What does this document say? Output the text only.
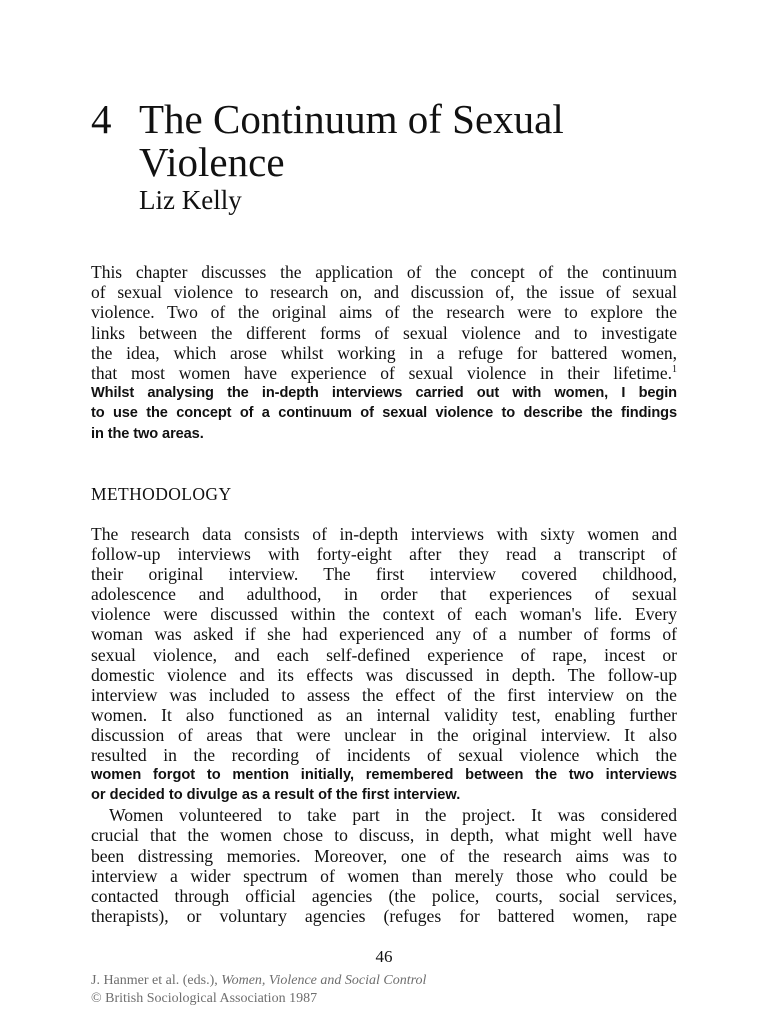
4 The Continuum of Sexual
Violence

Liz Kelly

This chapter discusses the application of the concept of the continuum
of sexual violence to research on, and discussion of, the issue of sexual
violence. Two of the original aims of the research were to explore the
links between the different forms of sexual violence and to investigate
the idea, which arose whilst working in a refuge for battered women,
that most women have experience of sexual violence in their lifetime.$^1$
Whilst analysing the in-depth interviews carried out with women, I begin
to use the concept of a continuum of sexual violence to describe the findings
in the two areas.
METHODOLOGY
The research data consists of in-depth interviews with sixty women and
follow-up interviews with forty-eight after they read a transcript of
their original interview. The first interview covered childhood,
adolescence and adulthood, in order that experiences of sexual
violence were discussed within the context of each woman's life. Every
woman was asked if she had experienced any of a number of forms of
sexual violence, and each self-defined experience of rape, incest or
domestic violence and its effects was discussed in depth. The follow-up
interview was included to assess the effect of the first interview on the
women. It also functioned as an internal validity test, enabling further
discussion of areas that were unclear in the original interview. It also
resulted in the recording of incidents of sexual violence which the
women forgot to mention initially, remembered between the two interviews
or decided to divulge as a result of the first interview.
Women volunteered to take part in the project. It was considered
crucial that the women chose to discuss, in depth, what might well have
been distressing memories. Moreover, one of the research aims was to
interview a wider spectrum of women than merely those who could be
contacted through official agencies (the police, courts, social services,
therapists), or voluntary agencies (refuges for battered women, rape

46

J. Hanmer et al. (eds.), Women, Violence and Social Control
© British Sociological Association 1987
